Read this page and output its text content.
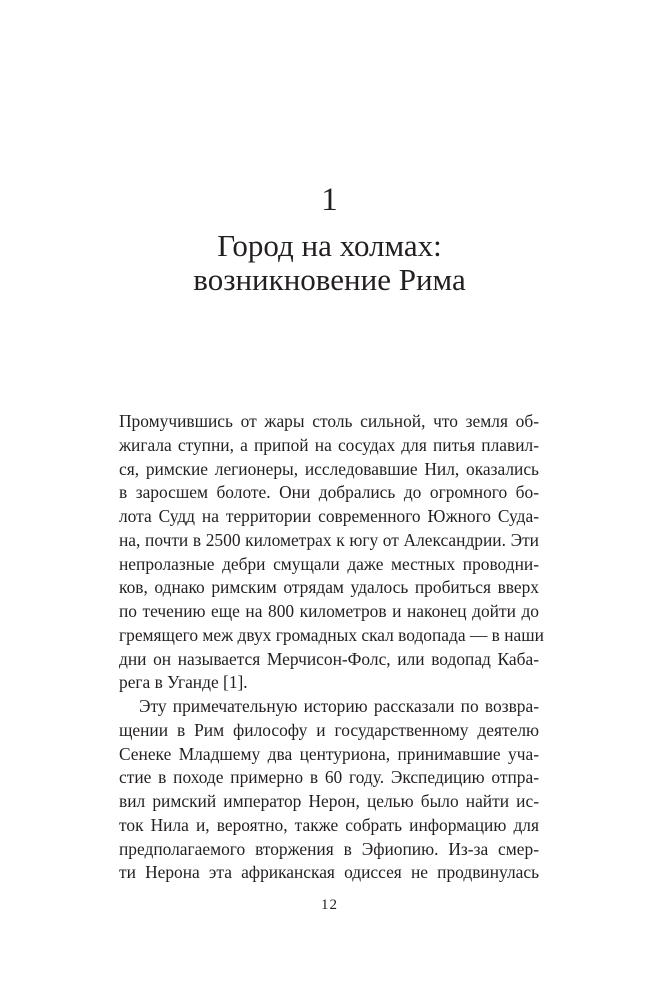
1
Город на холмах:
возникновение Рима
Промучившись от жары столь сильной, что земля об-
жигала ступни, а припой на сосудах для питья плавил-
ся, римские легионеры, исследовавшие Нил, оказались
в заросшем болоте. Они добрались до огромного бо-
лота Судд на территории современного Южного Суда-
на, почти в 2500 километрах к югу от Александрии. Эти
непролазные дебри смущали даже местных проводни-
ков, однако римским отрядам удалось пробиться вверх
по течению еще на 800 километров и наконец дойти до
гремящего меж двух громадных скал водопада — в наши
дни он называется Мерчисон-Фолс, или водопад Каба-
рега в Уганде [1].
Эту примечательную историю рассказали по возвра-
щении в Рим философу и государственному деятелю
Сенеке Младшему два центуриона, принимавшие уча-
стие в походе примерно в 60 году. Экспедицию отпра-
вил римский император Нерон, целью было найти ис-
ток Нила и, вероятно, также собрать информацию для
предполагаемого вторжения в Эфиопию. Из-за смер-
ти Нерона эта африканская одиссея не продвинулась
12
